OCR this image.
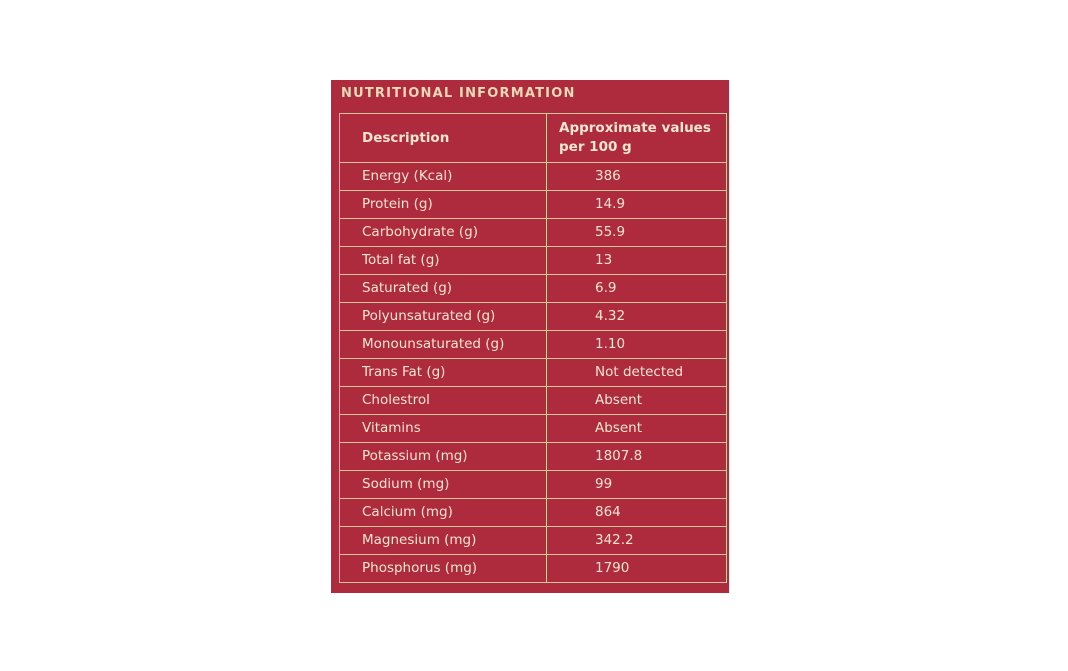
NUTRITIONAL INFORMATION
Description	Approximate values
per 100 g
Energy (Kcal)	386
Protein (g)	14.9
Carbohydrate (g)	55.9
Total fat (g)	13
Saturated (g)	6.9
Polyunsaturated (g)	4.32
Monounsaturated (g)	1.10
Trans Fat (g)	Not detected
Cholestrol	Absent
Vitamins	Absent
Potassium (mg)	1807.8
Sodium (mg)	99
Calcium (mg)	864
Magnesium (mg)	342.2
Phosphorus (mg)	1790
